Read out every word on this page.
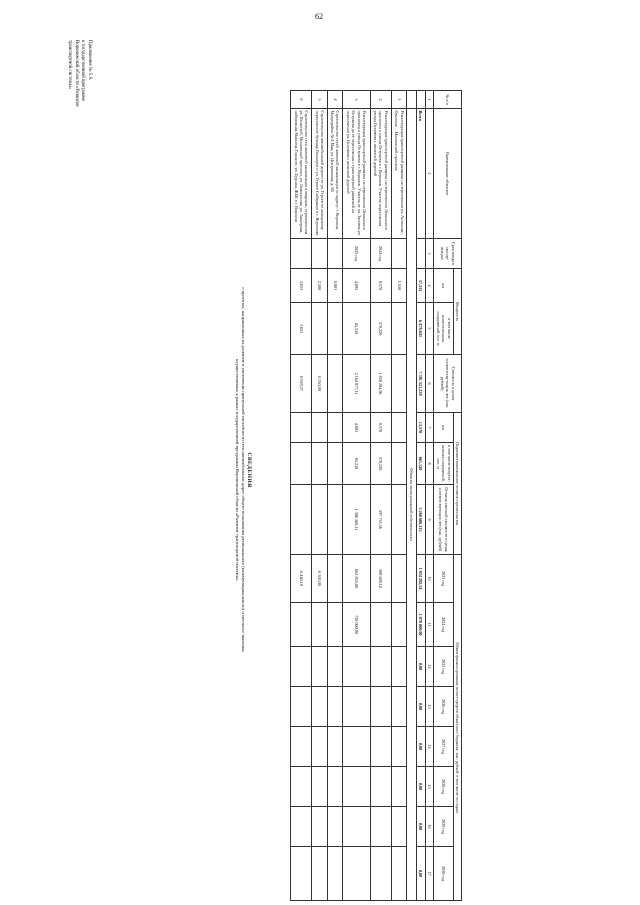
62
Приложение № 5.А
к государственной программе
Воронежской области «Развитие
транспортной системы»
СВЕДЕНИЯ
о проектах, направленных на развитие и увеличение пропускной способности сети автомобильных дорог общего пользования регионального (межмуниципального) и местного значения,
осуществляемых в рамках государственной программы Воронежской области «Развитие транспортной системы»
№ п/п	Наименование объектов	Срок ввода в эксплу-атацию	Мощность		Стоимость в ценах соответству-ющих лет (тыс. рублей)	Подлежит выполнению остаток строительства			Объем финансирования за счет средств областного бюджета, тыс. рублей, в том числе по годам							
			км	в том числе искусственных сооружений, пог. м		км	в том числе искусст-венных сооружений, пог. м	Остаток сметной стоимости в ценах соответствующих лет (тыс. рублей)	2023 год	2024 год	2025 год	2026 год	2027 год	2028 год	2029 год	2030 год
1	2	3	4	5	6	7	8	9	10	11	12	13	14	15	16	17
	Всего		37,533	6 479,843	7 391 521,239	13,570	661,120	3 268 606,315	1 934 292,54	1 870 000,00	0,00	0,00	0,00	0,00	0,00	0,00
	Объекты муниципальной собственности															
1	Реконструкция транспортной развязки на пересечении ул. Антонова-Овсеенко – Московский проспект		1,550													
2	Реконструкция транспортной развязки на пересечении Ленинского проспекта и улицы Остужева в г. Воронеж. Участок пересечения улицы Остужева с железной дорогой	2024 год	0,570	570,220	1 850 284,96	0,570	570,220	597 735,56	589 688,10							
3	Реконструкция транспортной развязки на пересечении Ленинского проспекта и улицы Остужева в г. Воронеж. Участок от пл. Заставы ул. Остужева до её пересечения с транспортной развязкой на пересечении ул. Остужева с железной дорогой	2025 год	4,895	85,210	2 164 877,11	4,895	85,210	1 386 566,11	662 832,00	720 000,00						
4	Строительство сетей ливневой канализации по адресу: г. Воронеж, Микрорайон № 4 Мая, ул. Центральная, д. 66		0,001													
5	Строительство автомобильной дороги от ул. Героев по кольцевому пересечению бульвар Пионеров и ул. Героев Сибиряков в г. Воронеже		2,580		6 530,00				6 305,00							
6	Строительство сети ливневой канализации в квартале, ограниченном ул. Пешестой, Московский проспект, ул. Ломоносова, ул. Танкерная, набережная Максима Горького, ул. Бурсака, ЖБК в г. Воронеж		3,653	3,653	6 639,27				6 440,10							
